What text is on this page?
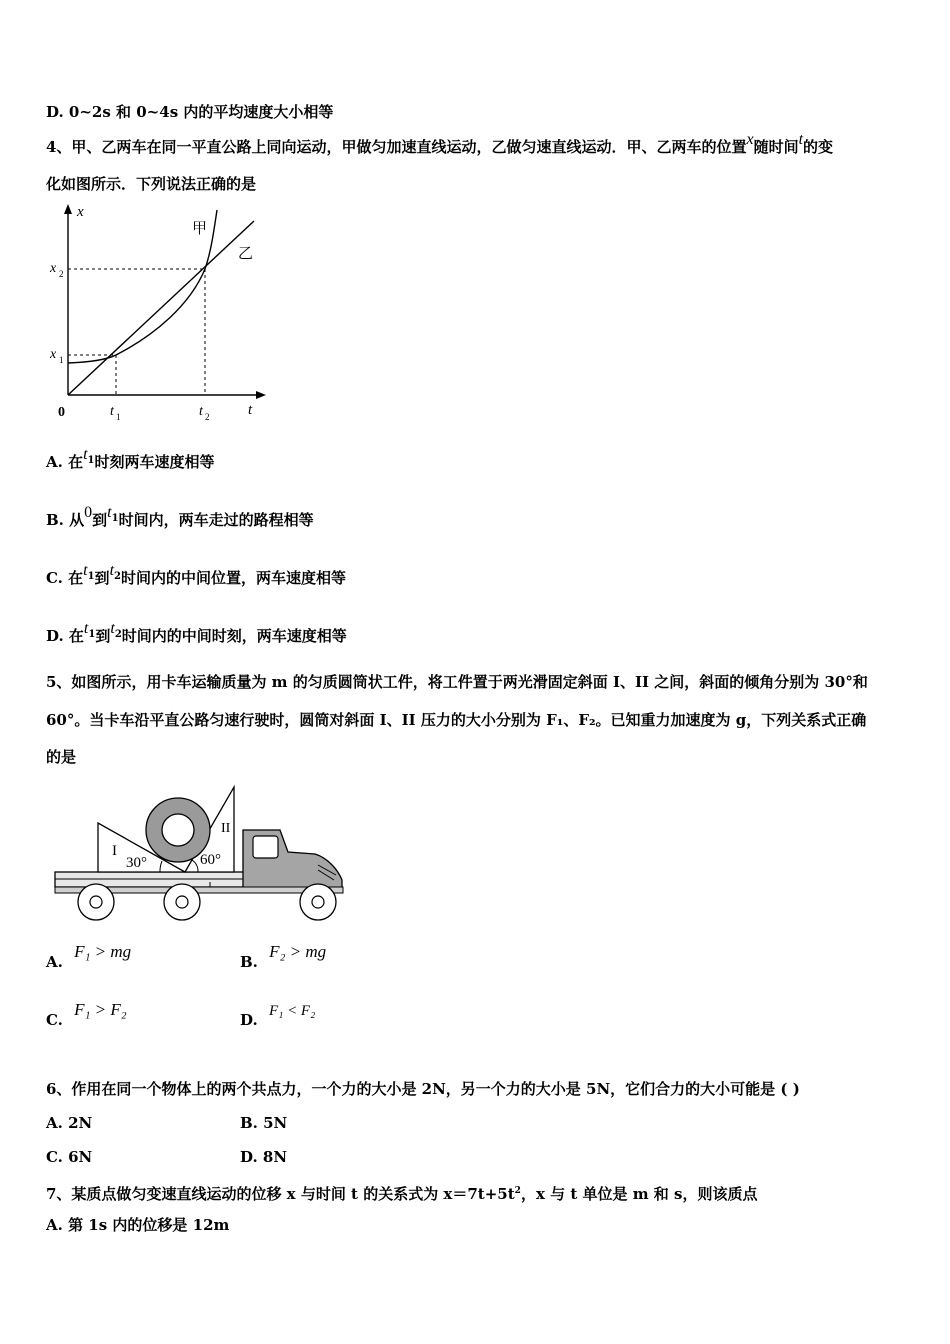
D. 0~2s 和 0~4s 内的平均速度大小相等
4、甲、乙两车在同一平直公路上同向运动，甲做匀加速直线运动，乙做匀速直线运动．甲、乙两车的位置x随时间t的变
化如图所示．下列说法正确的是
x
t
0
x 1
x 2
t 1	t 2
甲
乙
A. 在$t_1$时刻两车速度相等
B. 从0到$t_1$时间内，两车走过的路程相等
C. 在$t_1$到$t_2$时间内的中间位置，两车速度相等
D. 在$t_1$到$t_2$时间内的中间时刻，两车速度相等
5、如图所示，用卡车运输质量为 m 的匀质圆筒状工件，将工件置于两光滑固定斜面 I、II 之间，斜面的倾角分别为 30°和
60°。当卡车沿平直公路匀速行驶时，圆筒对斜面 I、II 压力的大小分别为 F₁、F₂。已知重力加速度为 g，下列关系式正确
的是
I
II
30°	60°
A. F₁ > mg
B. F₂ > mg
C. F₁ > F₂
D. F₁ < F₂
6、作用在同一个物体上的两个共点力，一个力的大小是 2N，另一个力的大小是 5N，它们合力的大小可能是 ( )
A. 2N	B. 5N
C. 6N	D. 8N
7、某质点做匀变速直线运动的位移 x 与时间 t 的关系式为 $x=7t+5t^2$，x 与 t 单位是 m 和 s，则该质点
A. 第 1s 内的位移是 12m
